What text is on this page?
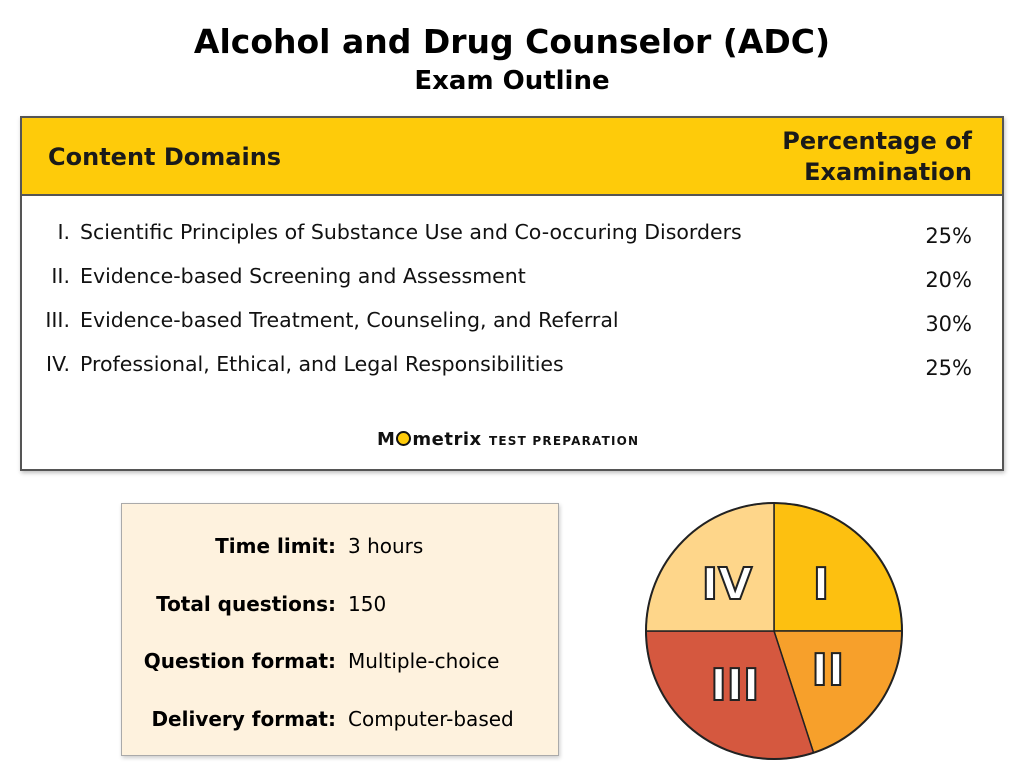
Alcohol and Drug Counselor (ADC)
Exam Outline
Content Domains
Percentage of
Examination
I. Scientific Principles of Substance Use and Co-occuring Disorders	25%
II. Evidence-based Screening and Assessment	20%
III. Evidence-based Treatment, Counseling, and Referral	30%
IV. Professional, Ethical, and Legal Responsibilities	25%
M metrix TEST PREPARATION
Time limit: 3 hours
Total questions: 150
Question format: Multiple-choice
Delivery format: Computer-based
I
II
III
IV
